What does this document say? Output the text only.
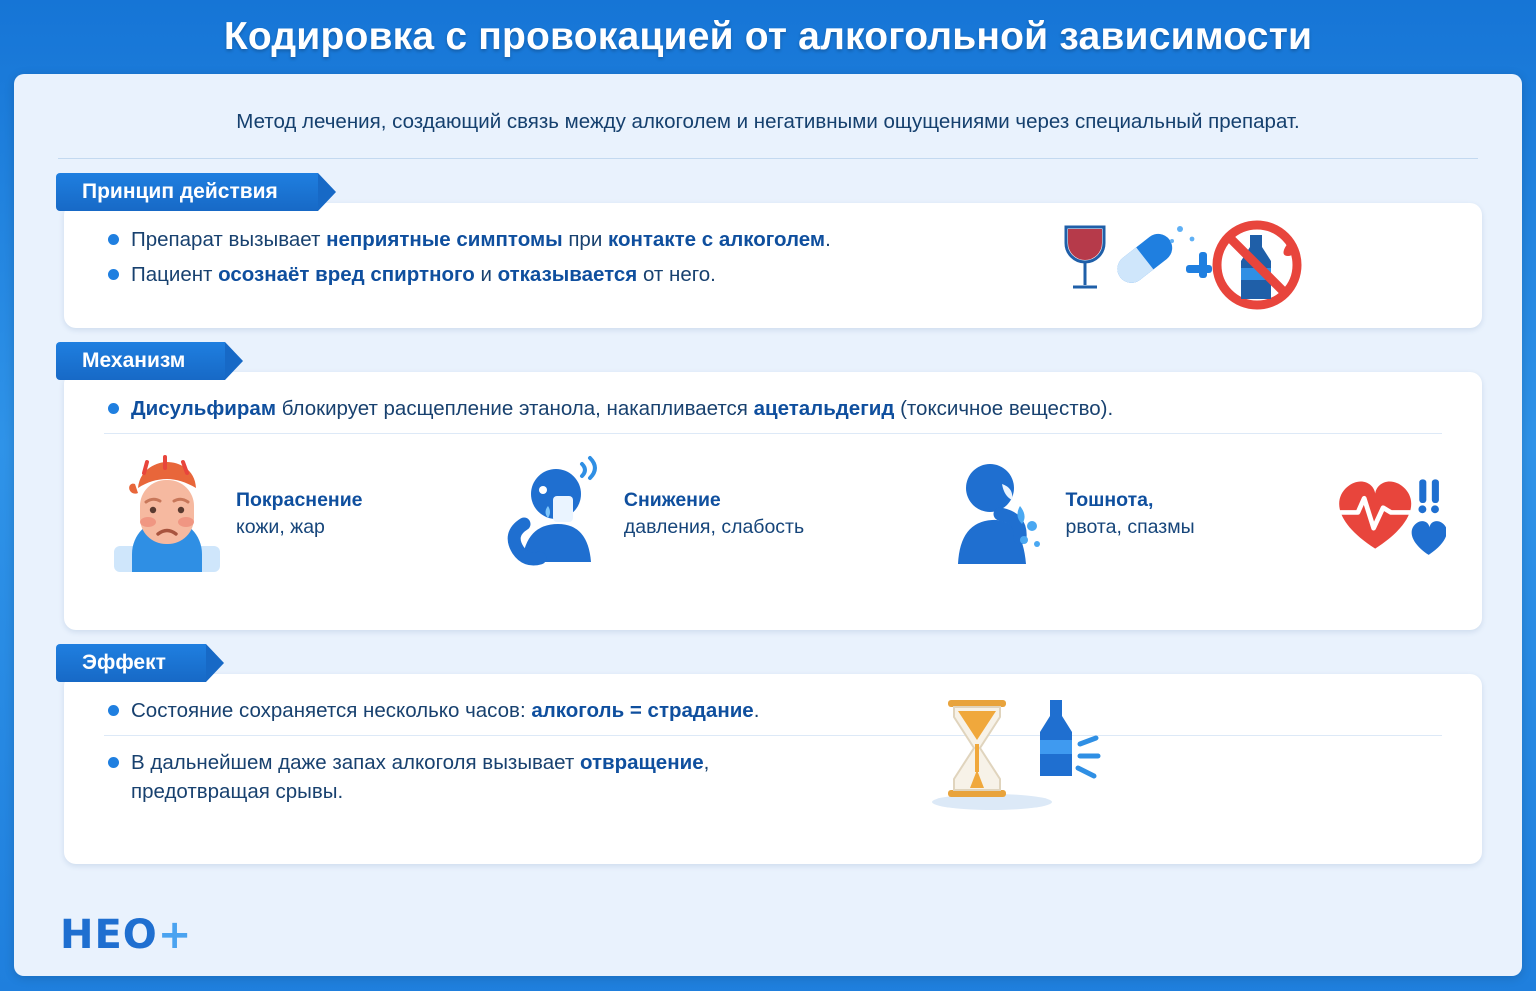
Кодировка с провокацией от алкогольной зависимости
Метод лечения, создающий связь между алкоголем и негативными ощущениями через специальный препарат.
Принцип действия
Препарат вызывает неприятные симптомы при контакте с алкоголем.
Пациент осознаёт вред спиртного и отказывается от него.
Механизм
Дисульфирам блокирует расщепление этанола, накапливается ацетальдегид (токсичное вещество).
Покраснение
кожи, жар
Снижение
давления, слабость
Тошнота,
рвота, спазмы
Эффект
Состояние сохраняется несколько часов: алкоголь = страдание.
В дальнейшем даже запах алкоголя вызывает отвращение, предотвращая срывы.
НЕО+
